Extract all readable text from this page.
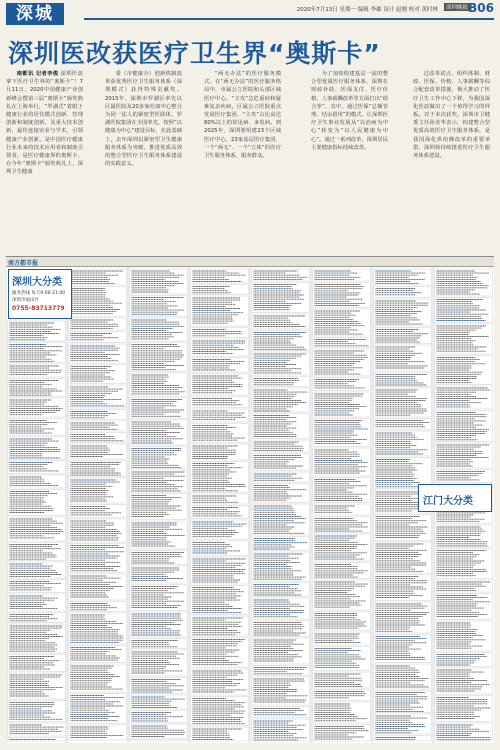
深城	2020年7月13日 星期一 编辑 李雄 设计 赵刚 校对 黄时林	深圳晚报 B06
深圳医改获医疗卫生界“奥斯卡”

南都讯 记者李俊 深圳医改拿下医疗卫生界的“奥斯卡”！7月11日，2020中国健康产业创新峰会暨第三届“奥斯卡”颁奖典礼在上海举行，“罗湖式”着眼于健康行业的居住模式创新、管理创新和制度创新，及重大技术创新，最佳连接实业与学术，引领健康产业创新。是中国医疗健康行业未来的技术应用者和制度引领者，是医疗健康界的奥斯卡，在今年“奥斯卡”颁奖典礼上，深圳卫生健康

委（市健康办）创新机制改革获优秀医疗卫生服务体系（深圳模式）获得特殊贡献奖。2015年，深圳市罗湖区率先以区属医院及20多家社康中心整合为同一法人的紧密型医联体，罗湖医院集团在全国率先，按照“以健康为中心”建设目标，在此基础上，去年深圳以紧密型卫生健康服务体系为突破，推进优质高效的整合型医疗卫生服务体系建设的实践意义。

“两无办法”的医疗服务模式。在“两无办法”的医疗服务格局中，市属公立医院和头部区域医疗中心，“主攻”急危重症和疑难复杂疾病，区属公立医院重点发展医疗集团，“主攻”占比高达80%以上的常见病、多发病。到2025年，深圳要组建23个区域医疗中心，23家基层医疗集团，一个“两无”、一个“立体”的医疗卫生服务体系，服务群众。

为了加快构建基层一流的整合型优质医疗服务体系，深圳在财政补助、医保支付、医疗价格、人事薪酬改革等方面打出“组合拳”，其中，通过医保“总额管理、结余留用”的模式，让深圳医疗卫生事业发展从“以治病为中心”转变为“以人民健康为中心”。通过一系列改革，深圳居民主要健康指标持续改善。

过改革试点、组织体制、财政、医保、价格、人事薪酬等综合配套改革措施，极大推动了医疗卫生工作中心下移，为我国深化医改做出了一个值得学习的样板。对于本次获奖，深圳市卫健委主任孙美华表示，构建整合型优质高效医疗卫生服务体系，是我国深化供给侧改革的重要举措，深圳将持续推进医疗卫生服务体系建设。

南方都市报
深圳大分类
服务热线 每天9:00-21:00
深圳市福田区
0755-83713779
江门大分类
